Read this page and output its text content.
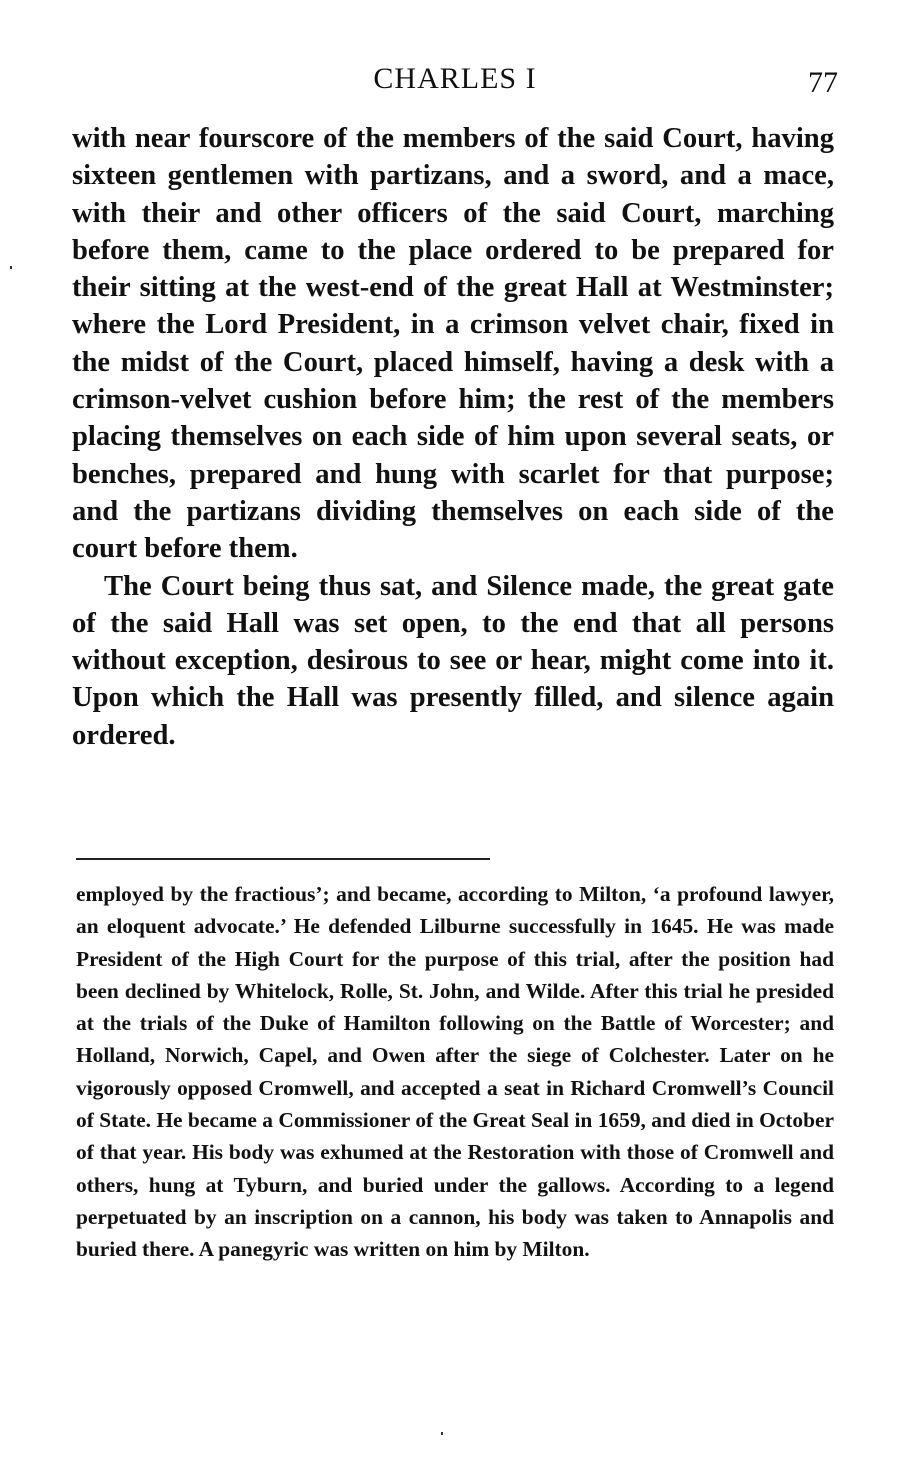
CHARLES I	77

with near fourscore of the members of the said Court, having sixteen gentlemen with partizans, and a sword, and a mace, with their and other officers of the said Court, marching before them, came to the place ordered to be prepared for their sitting at the west-end of the great Hall at Westminster; where the Lord President, in a crimson velvet chair, fixed in the midst of the Court, placed himself, having a desk with a crimson-velvet cushion before him; the rest of the members placing themselves on each side of him upon several seats, or benches, prepared and hung with scarlet for that purpose; and the partizans dividing themselves on each side of the court before them.

The Court being thus sat, and Silence made, the great gate of the said Hall was set open, to the end that all persons without exception, desirous to see or hear, might come into it. Upon which the Hall was presently filled, and silence again ordered.

employed by the fractious’; and became, according to Milton, ‘a profound lawyer, an eloquent advocate.’ He defended Lilburne successfully in 1645. He was made President of the High Court for the purpose of this trial, after the position had been declined by Whitelock, Rolle, St. John, and Wilde. After this trial he presided at the trials of the Duke of Hamilton following on the Battle of Worcester; and Holland, Norwich, Capel, and Owen after the siege of Colchester. Later on he vigorously opposed Cromwell, and accepted a seat in Richard Cromwell’s Council of State. He became a Commissioner of the Great Seal in 1659, and died in October of that year. His body was exhumed at the Restoration with those of Cromwell and others, hung at Tyburn, and buried under the gallows. According to a legend perpetuated by an inscription on a cannon, his body was taken to Annapolis and buried there. A panegyric was written on him by Milton.
